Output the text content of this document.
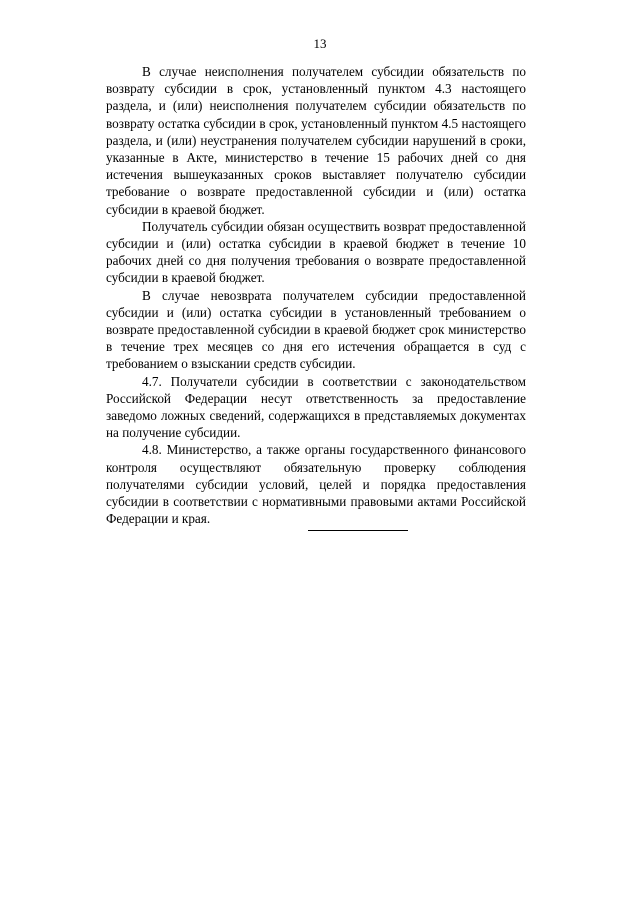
13

В случае неисполнения получателем субсидии обязательств по возврату субсидии в срок, установленный пунктом 4.3 настоящего раздела, и (или) неисполнения получателем субсидии обязательств по возврату остатка субсидии в срок, установленный пунктом 4.5 настоящего раздела, и (или) неустранения получателем субсидии нарушений в сроки, указанные в Акте, министерство в течение 15 рабочих дней со дня истечения вышеуказанных сроков выставляет получателю субсидии требование о возврате предоставленной субсидии и (или) остатка субсидии в краевой бюджет.

Получатель субсидии обязан осуществить возврат предоставленной субсидии и (или) остатка субсидии в краевой бюджет в течение 10 рабочих дней со дня получения требования о возврате предоставленной субсидии в краевой бюджет.

В случае невозврата получателем субсидии предоставленной субсидии и (или) остатка субсидии в установленный требованием о возврате предоставленной субсидии в краевой бюджет срок министерство в течение трех месяцев со дня его истечения обращается в суд с требованием о взыскании средств субсидии.

4.7. Получатели субсидии в соответствии с законодательством Российской Федерации несут ответственность за предоставление заведомо ложных сведений, содержащихся в представляемых документах на получение субсидии.

4.8. Министерство, а также органы государственного финансового контроля осуществляют обязательную проверку соблюдения получателями субсидии условий, целей и порядка предоставления субсидии в соответствии с нормативными правовыми актами Российской Федерации и края.
